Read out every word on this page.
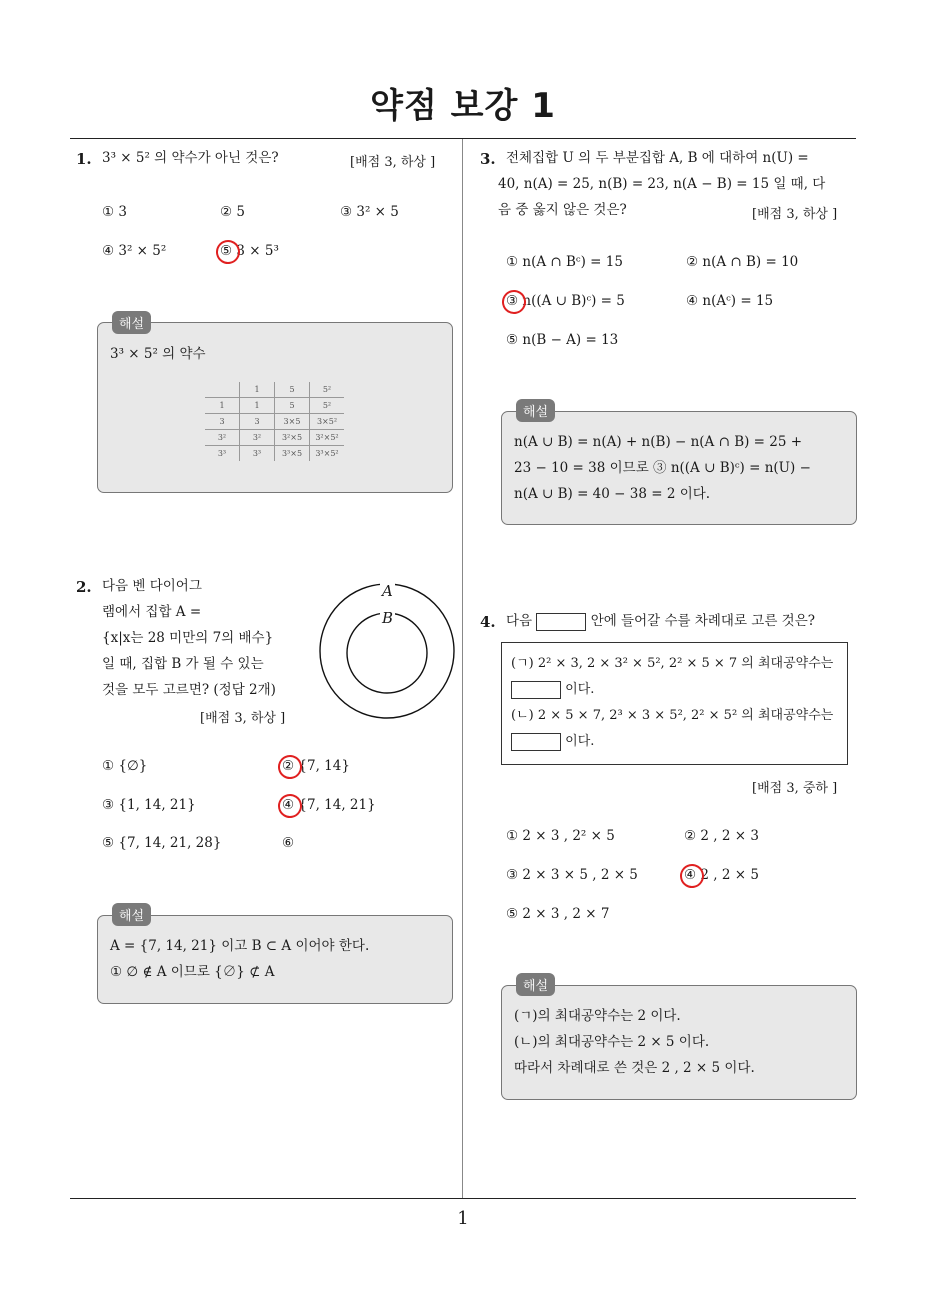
약점 보강 1
1. 3³ × 5² 의 약수가 아닌 것은?	[배점 3, 하상 ]
① 3	② 5	③ 3² × 5
④ 3² × 5²	⑤ 3 × 5³
해설
3³ × 5² 의 약수
	1	5	5²
1	1	5	5²
3	3	3×5	3×5²
3²	3²	3²×5	3²×5²
3³	3³	3³×5	3³×5²
2. 다음 벤 다이어그
램에서 집합 A =
{x|x는 28 미만의 7의 배수}
일 때, 집합 B 가 될 수 있는
것을 모두 고르면? (정답 2개)
[배점 3, 하상 ]
A
B
① {∅}	② {7, 14}
③ {1, 14, 21}	④ {7, 14, 21}
⑤ {7, 14, 21, 28}	⑥
해설
A = {7, 14, 21} 이고 B ⊂ A 이어야 한다.
① ∅ ∉ A 이므로 {∅} ⊄ A
3. 전체집합 U 의 두 부분집합 A, B 에 대하여 n(U) =
40, n(A) = 25, n(B) = 23, n(A − B) = 15 일 때, 다
음 중 옳지 않은 것은?	[배점 3, 하상 ]
① n(A ∩ Bᶜ) = 15	② n(A ∩ B) = 10
③ n((A ∪ B)ᶜ) = 5	④ n(Aᶜ) = 15
⑤ n(B − A) = 13
해설
n(A ∪ B) = n(A) + n(B) − n(A ∩ B) = 25 +
23 − 10 = 38 이므로 ③ n((A ∪ B)ᶜ) = n(U) −
n(A ∪ B) = 40 − 38 = 2 이다.
4. 다음	안에 들어갈 수를 차례대로 고른 것은?
(ㄱ) 2² × 3, 2 × 3² × 5², 2² × 5 × 7 의 최대공약수는
이다.
(ㄴ) 2 × 5 × 7, 2³ × 3 × 5², 2² × 5² 의 최대공약수는
이다.
[배점 3, 중하 ]
① 2 × 3 , 2² × 5	② 2 , 2 × 3
③ 2 × 3 × 5 , 2 × 5	④ 2 , 2 × 5
⑤ 2 × 3 , 2 × 7
해설
(ㄱ)의 최대공약수는 2 이다.
(ㄴ)의 최대공약수는 2 × 5 이다.
따라서 차례대로 쓴 것은 2 , 2 × 5 이다.
1
